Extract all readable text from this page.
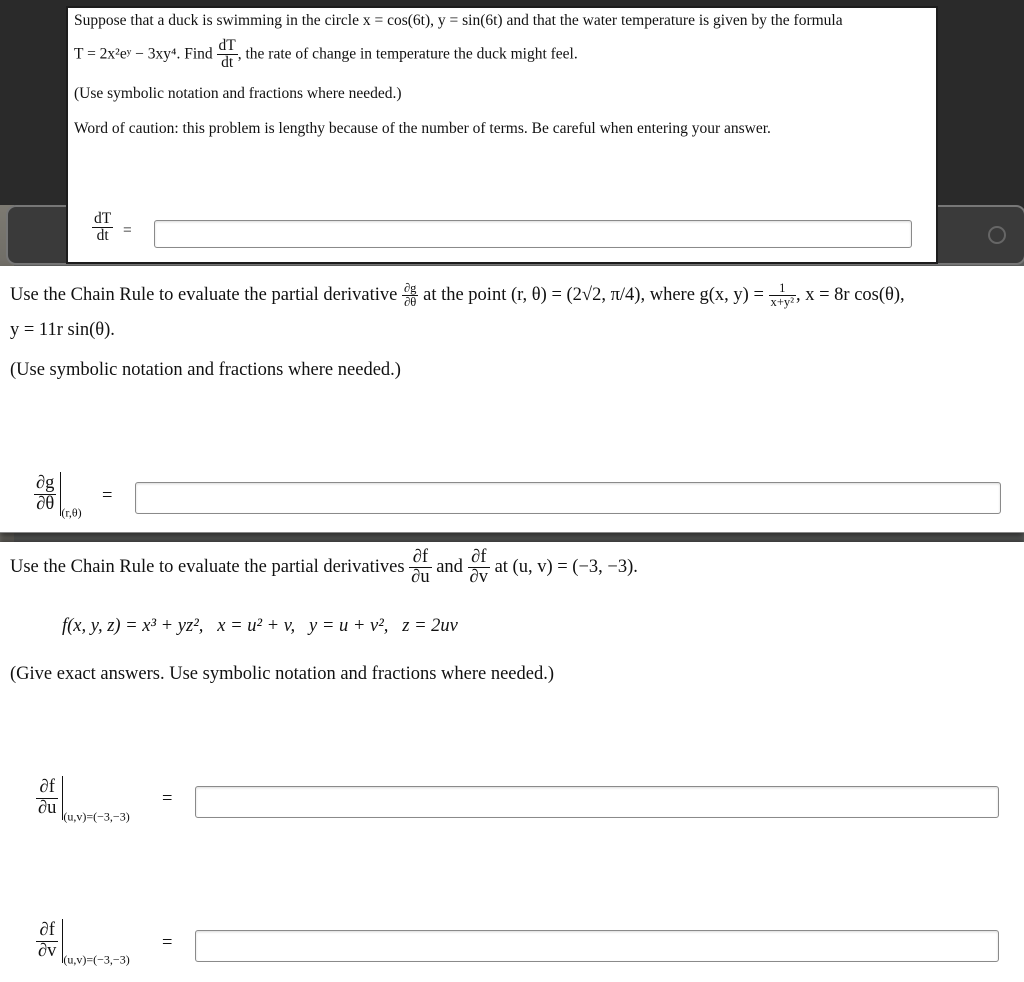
Suppose that a duck is swimming in the circle x = cos(6t), y = sin(6t) and that the water temperature is given by the formula
T = 2x²eʸ − 3xy⁴. Find $\frac{dT}{dt}$ , the rate of change in temperature the duck might feel.
(Use symbolic notation and fractions where needed.)
Word of caution: this problem is lengthy because of the number of terms. Be careful when entering your answer.
$\frac{dT}{dt}$ =
Use the Chain Rule to evaluate the partial derivative $\frac{\partial g}{\partial\theta}$ at the point (r, θ) = (2√2, π/4), where g(x, $y) = \frac{1}{\text{x+y²}}$ , x = 8r cos(θ),
y = 11r sin(θ).
(Use symbolic notation and fractions where needed.)
$\frac{\partial g}{\partial\theta} _{(r,\theta)}$
=
Use the Chain Rule to evaluate the partial derivatives $\frac{\partial f}{\partial u}$ and $\frac{\partial f}{\partial v}$ at (u, v) = (−3, −3).
f(x, y, z) = x³ + yz²,   x = u² + v,   y = u + v²,   z = 2uv
(Give exact answers. Use symbolic notation and fractions where needed.)
$\frac{\partial f}{\partial u} _{(u,v)=(-3,-3)}$
=
$\frac{\partial f}{\partial v} _{(u,v)=(-3,-3)}$
=
